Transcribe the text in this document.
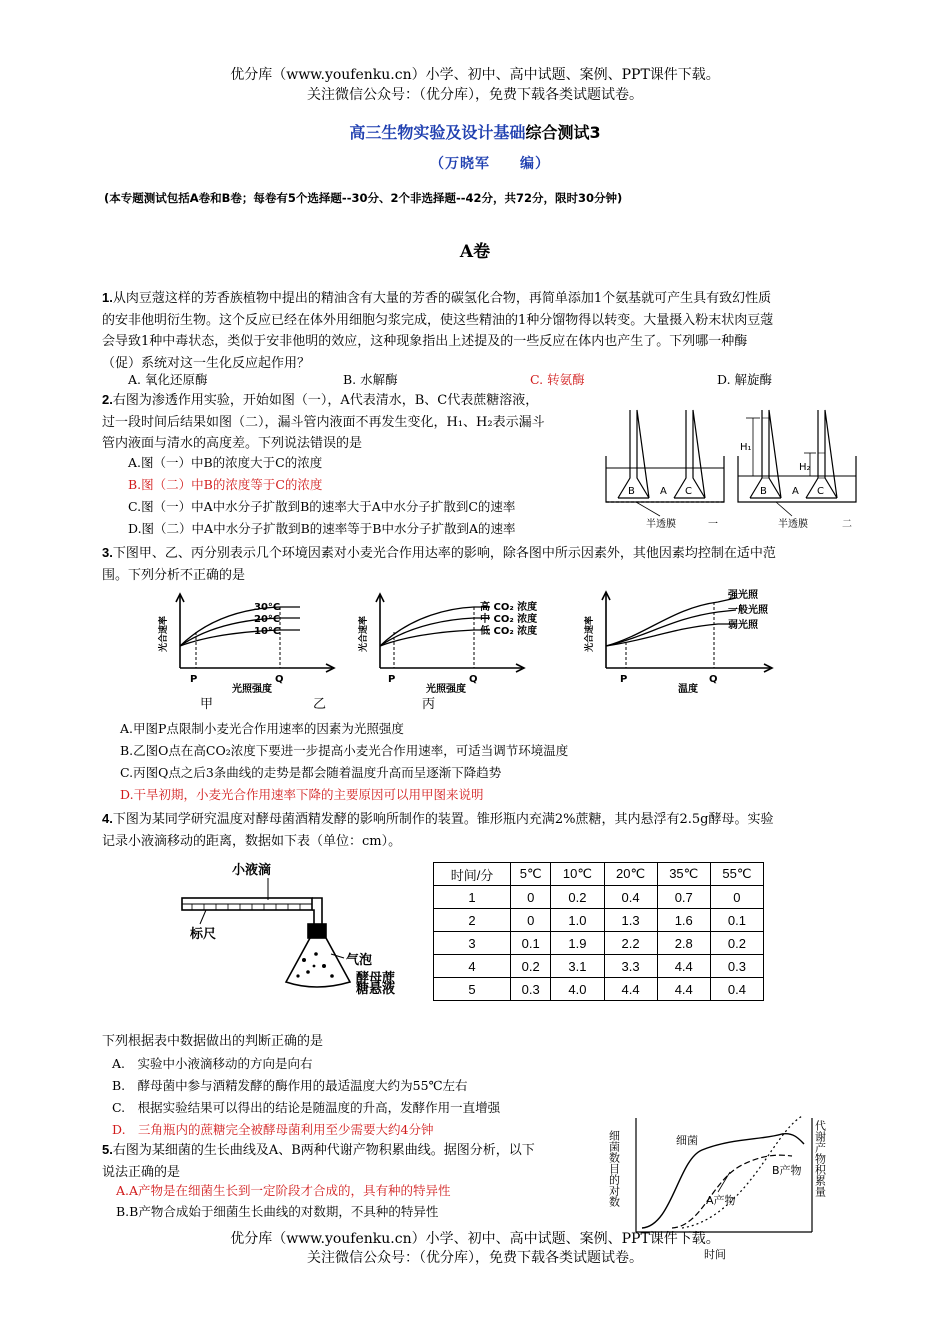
优分库（www.youfenku.cn）小学、初中、高中试题、案例、PPT课件下载。
关注微信公众号：（优分库），免费下载各类试题试卷。
高三生物实验及设计基础综合测试3
（万晓军　　编）
(本专题测试包括A卷和B卷；每卷有5个选择题--30分、2个非选择题--42分，共72分，限时30分钟)
A卷
1.从肉豆蔻这样的芳香族植物中提出的精油含有大量的芳香的碳氢化合物，再简单添加1个氨基就可产生具有致幻性质
的安非他明衍生物。这个反应已经在体外用细胞匀浆完成，使这些精油的1种分馏物得以转变。大量摄入粉末状肉豆蔻
会导致1种中毒状态，类似于安非他明的效应，这种现象指出上述提及的一些反应在体内也产生了。下列哪一种酶
（促）系统对这一生化反应起作用？
A. 氧化还原酶	B. 水解酶	C. 转氨酶	D. 解旋酶
2.右图为渗透作用实验，开始如图（一），A代表清水，B、C代表蔗糖溶液，
过一段时间后结果如图（二），漏斗管内液面不再发生变化，H₁、H₂表示漏斗
管内液面与清水的高度差。下列说法错误的是
A.图（一）中B的浓度大于C的浓度
B.图（二）中B的浓度等于C的浓度
C.图（一）中A中水分子扩散到B的速率大于A中水分子扩散到C的速率
D.图（二）中A中水分子扩散到B的速率等于B中水分子扩散到A的速率
B	A C	B	A C
H₁
H₂
半透膜	一	半透膜	二
3.下图甲、乙、丙分别表示几个环境因素对小麦光合作用达率的影响，除各图中所示因素外，其他因素均控制在适中范
围。下列分析不正确的是
30°C
20°C
10°C
P	Q
光照强度
光合速率
高 CO₂ 浓度
中 CO₂ 浓度
低 CO₂ 浓度
P	Q
光照强度
光合速率
强光照
一般光照
弱光照
P	Q
温度
光合速率
甲	乙	丙
A.甲图P点限制小麦光合作用速率的因素为光照强度
B.乙图O点在高CO₂浓度下要进一步提高小麦光合作用速率，可适当调节环境温度
C.丙图Q点之后3条曲线的走势是都会随着温度升高而呈逐渐下降趋势
D.干旱初期，小麦光合作用速率下降的主要原因可以用甲图来说明
4.下图为某同学研究温度对酵母菌酒精发酵的影响所制作的装置。锥形瓶内充满2%蔗糖，其内悬浮有2.5g酵母。实验
记录小液滴移动的距离，数据如下表（单位：cm）。
小液滴
标尺
气泡
酵母蔗
糖悬液
时间/分	5℃	10℃	20℃	35℃	55℃
1	0	0.2	0.4	0.7	0
2	0	1.0	1.3	1.6	0.1
3	0.1	1.9	2.2	2.8	0.2
4	0.2	3.1	3.3	4.4	0.3
5	0.3	4.0	4.4	4.4	0.4
下列根据表中数据做出的判断正确的是
A.　实验中小液滴移动的方向是向右
B.　酵母菌中参与酒精发酵的酶作用的最适温度大约为55℃左右
C.　根据实验结果可以得出的结论是随温度的升高，发酵作用一直增强
D.　三角瓶内的蔗糖完全被酵母菌利用至少需要大约4分钟
5.右图为某细菌的生长曲线及A、B两种代谢产物积累曲线。据图分析，以下
说法正确的是
A.A产物是在细菌生长到一定阶段才合成的，具有种的特异性
B.B产物合成始于细菌生长曲线的对数期，不具种的特异性
细菌
A产物
B产物
时间
细菌数目的对数	代谢产物积累量
优分库（www.youfenku.cn）小学、初中、高中试题、案例、PPT课件下载。
关注微信公众号：（优分库），免费下载各类试题试卷。
